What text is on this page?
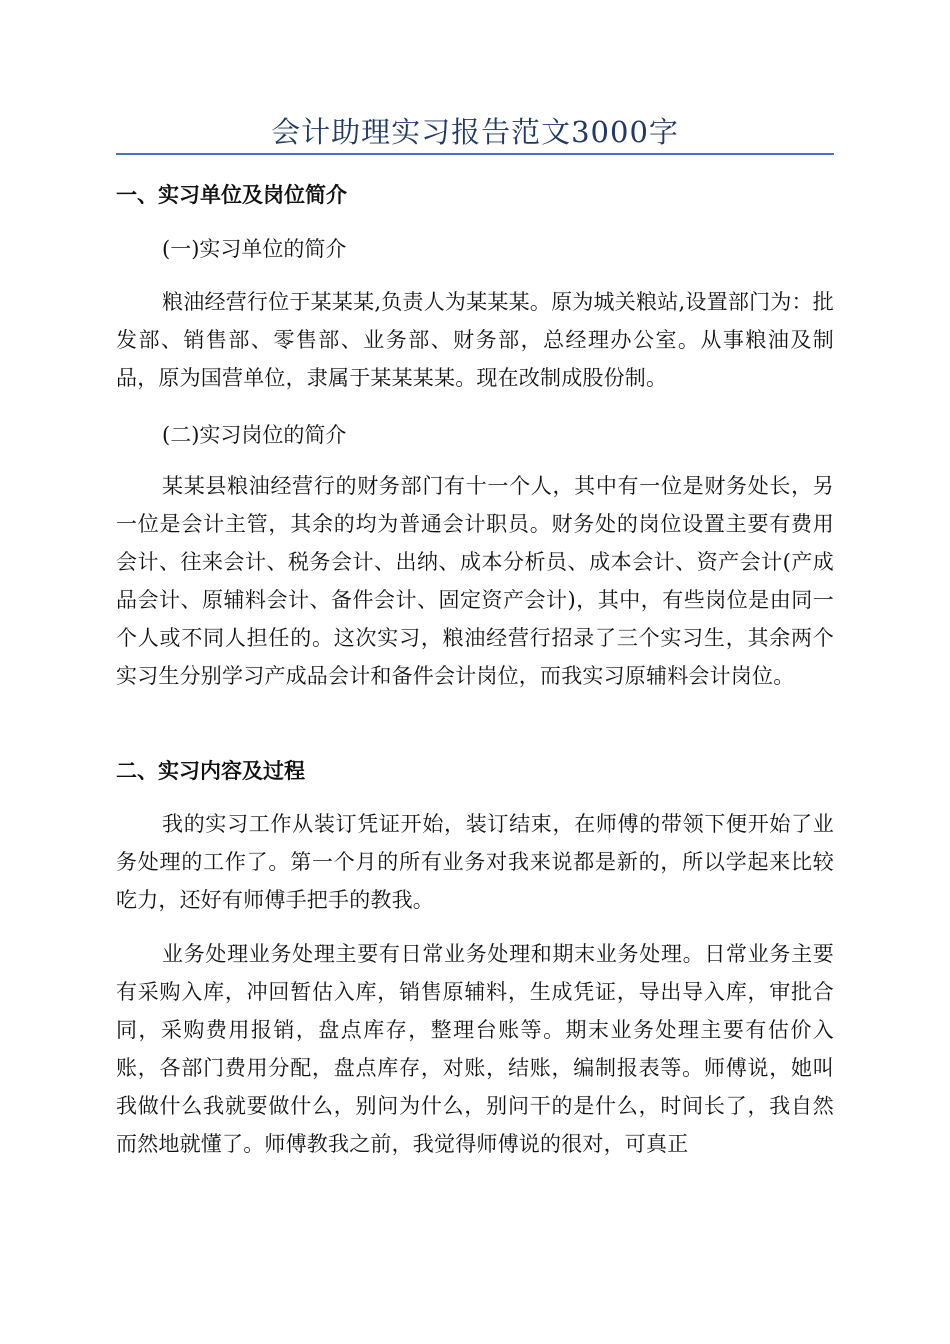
会计助理实习报告范文3000字
一、实习单位及岗位简介
(一)实习单位的简介
粮油经营行位于某某某,负责人为某某某。原为城关粮站,设置部门为：批发部、销售部、零售部、业务部、财务部，总经理办公室。从事粮油及制品，原为国营单位，隶属于某某某某。现在改制成股份制。
(二)实习岗位的简介
某某县粮油经营行的财务部门有十一个人，其中有一位是财务处长，另一位是会计主管，其余的均为普通会计职员。财务处的岗位设置主要有费用会计、往来会计、税务会计、出纳、成本分析员、成本会计、资产会计(产成品会计、原辅料会计、备件会计、固定资产会计)，其中，有些岗位是由同一个人或不同人担任的。这次实习，粮油经营行招录了三个实习生，其余两个实习生分别学习产成品会计和备件会计岗位，而我实习原辅料会计岗位。
二、实习内容及过程
我的实习工作从装订凭证开始，装订结束，在师傅的带领下便开始了业务处理的工作了。第一个月的所有业务对我来说都是新的，所以学起来比较吃力，还好有师傅手把手的教我。
业务处理业务处理主要有日常业务处理和期末业务处理。日常业务主要有采购入库，冲回暂估入库，销售原辅料，生成凭证，导出导入库，审批合同，采购费用报销，盘点库存，整理台账等。期末业务处理主要有估价入账，各部门费用分配，盘点库存，对账，结账，编制报表等。师傅说，她叫我做什么我就要做什么，别问为什么，别问干的是什么，时间长了，我自然而然地就懂了。师傅教我之前，我觉得师傅说的很对，可真正
